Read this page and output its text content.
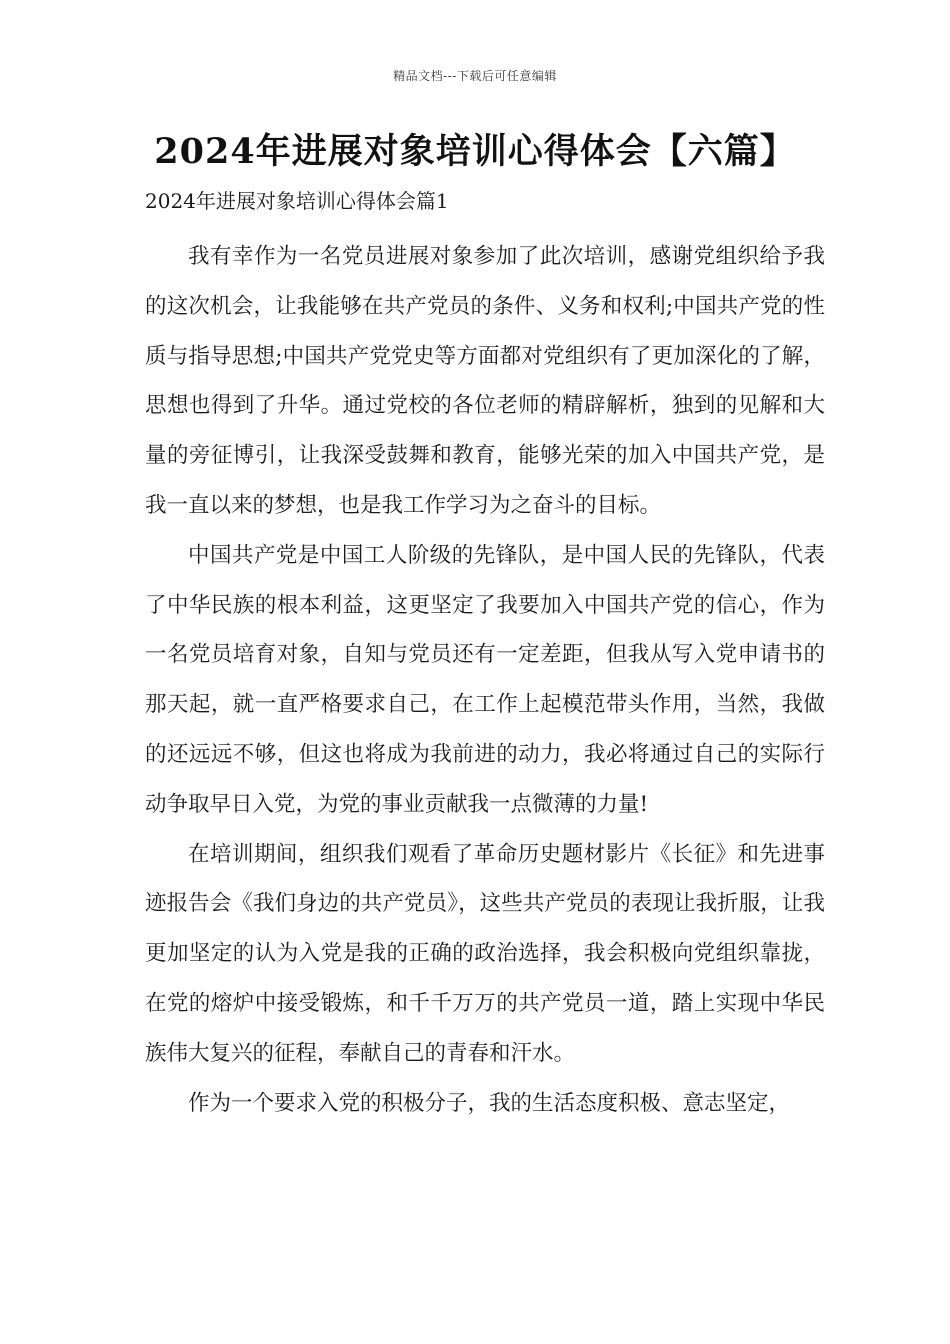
精品文档---下载后可任意编辑
2024年进展对象培训心得体会【六篇】
2024年进展对象培训心得体会篇1

我有幸作为一名党员进展对象参加了此次培训，感谢党组织给予我的这次机会，让我能够在共产党员的条件、义务和权利;中国共产党的性质与指导思想;中国共产党党史等方面都对党组织有了更加深化的了解，思想也得到了升华。通过党校的各位老师的精辟解析，独到的见解和大量的旁征博引，让我深受鼓舞和教育，能够光荣的加入中国共产党，是我一直以来的梦想，也是我工作学习为之奋斗的目标。

中国共产党是中国工人阶级的先锋队，是中国人民的先锋队，代表了中华民族的根本利益，这更坚定了我要加入中国共产党的信心，作为一名党员培育对象，自知与党员还有一定差距，但我从写入党申请书的那天起，就一直严格要求自己，在工作上起模范带头作用，当然，我做的还远远不够，但这也将成为我前进的动力，我必将通过自己的实际行动争取早日入党，为党的事业贡献我一点微薄的力量!

在培训期间，组织我们观看了革命历史题材影片《长征》和先进事迹报告会《我们身边的共产党员》，这些共产党员的表现让我折服，让我更加坚定的认为入党是我的正确的政治选择，我会积极向党组织靠拢，在党的熔炉中接受锻炼，和千千万万的共产党员一道，踏上实现中华民族伟大复兴的征程，奉献自己的青春和汗水。

作为一个要求入党的积极分子，我的生活态度积极、意志坚定，
